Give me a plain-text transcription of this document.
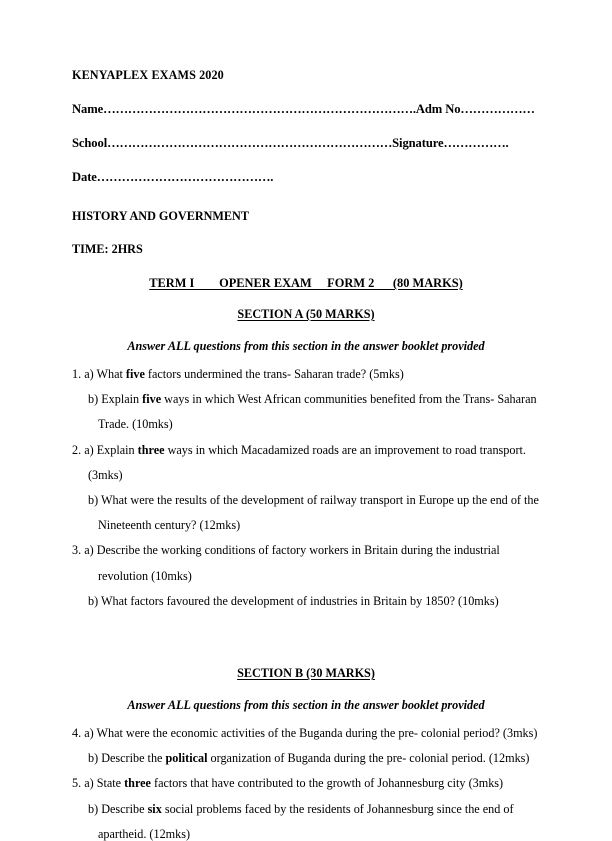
KENYAPLEX EXAMS 2020
Name………………………………………………………………….Adm No………………
School……………………………………………………………Signature…………….
Date…………………………………….
HISTORY AND GOVERNMENT
TIME: 2HRS
TERM I        OPENER EXAM     FORM 2      (80 MARKS)
SECTION A (50 MARKS)
Answer ALL questions from this section in the answer booklet provided
1. a) What five factors undermined the trans- Saharan trade? (5mks)
b) Explain five ways in which West African communities benefited from the Trans- Saharan
Trade. (10mks)
2. a) Explain three ways in which Macadamized roads are an improvement to road transport.
(3mks)
b) What were the results of the development of railway transport in Europe up the end of the
Nineteenth century? (12mks)
3. a) Describe the working conditions of factory workers in Britain during the industrial
revolution (10mks)
b) What factors favoured the development of industries in Britain by 1850? (10mks)
SECTION B (30 MARKS)
Answer ALL questions from this section in the answer booklet provided
4. a) What were the economic activities of the Buganda during the pre- colonial period? (3mks)
b) Describe the political organization of Buganda during the pre- colonial period. (12mks)
5. a) State three factors that have contributed to the growth of Johannesburg city (3mks)
b) Describe six social problems faced by the residents of Johannesburg since the end of
apartheid. (12mks)
